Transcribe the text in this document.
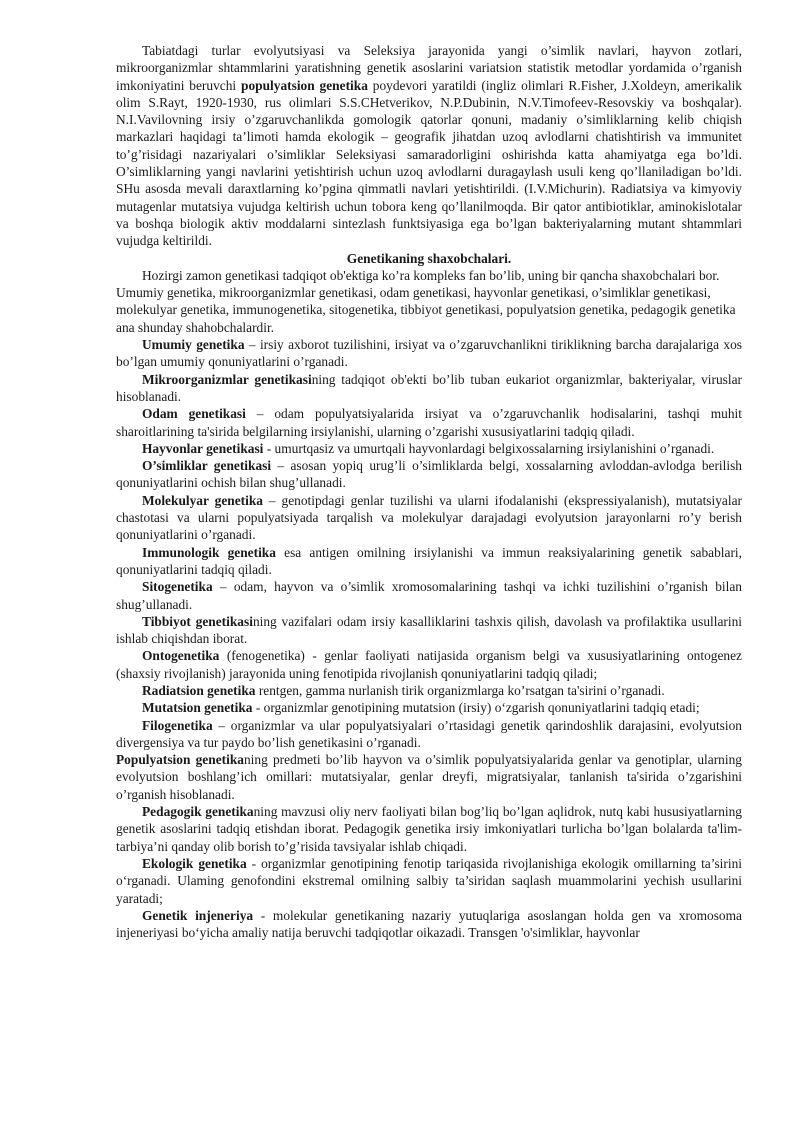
Tabiatdagi turlar evolyutsiyasi va Seleksiya jarayonida yangi o’simlik navlari, hayvon zotlari, mikroorganizmlar shtammlarini yaratishning genetik asoslarini variatsion statistik metodlar yordamida o’rganish imkoniyatini beruvchi populyatsion genetika poydevori yaratildi (ingliz olimlari R.Fisher, J.Xoldeyn, amerikalik olim S.Rayt, 1920-1930, rus olimlari S.S.CHetverikov, N.P.Dubinin, N.V.Timofeev-Resovskiy va boshqalar). N.I.Vavilovning irsiy o’zgaruvchanlikda gomologik qatorlar qonuni, madaniy o’simliklarning kelib chiqish markazlari haqidagi ta’limoti hamda ekologik – geografik jihatdan uzoq avlodlarni chatishtirish va immunitet to’g’risidagi nazariyalari o’simliklar Seleksiyasi samaradorligini oshirishda katta ahamiyatga ega bo’ldi. O’simliklarning yangi navlarini yetishtirish uchun uzoq avlodlarni duragaylash usuli keng qo’llaniladigan bo’ldi. SHu asosda mevali daraxtlarning ko’pgina qimmatli navlari yetishtirildi. (I.V.Michurin). Radiatsiya va kimyoviy mutagenlar mutatsiya vujudga keltirish uchun tobora keng qo’llanilmoqda. Bir qator antibiotiklar, aminokislotalar va boshqa biologik aktiv moddalarni sintezlash funktsiyasiga ega bo’lgan bakteriyalarning mutant shtammlari vujudga keltirildi.

Genetikaning shaxobchalari.

Hozirgi zamon genetikasi tadqiqot ob'ektiga ko’ra kompleks fan bo’lib, uning bir qancha shaxobchalari bor. Umumiy genetika, mikroorganizmlar genetikasi, odam genetikasi, hayvonlar genetikasi, o’simliklar genetikasi, molekulyar genetika, immunogenetika, sitogenetika, tibbiyot genetikasi, populyatsion genetika, pedagogik genetika ana shunday shahobchalardir.

Umumiy genetika – irsiy axborot tuzilishini, irsiyat va o’zgaruvchanlikni tiriklikning barcha darajalariga xos bo’lgan umumiy qonuniyatlarini o’rganadi.

Mikroorganizmlar genetikasining tadqiqot ob'ekti bo’lib tuban eukariot organizmlar, bakteriyalar, viruslar hisoblanadi.

Odam genetikasi – odam populyatsiyalarida irsiyat va o’zgaruvchanlik hodisalarini, tashqi muhit sharoitlarining ta'sirida belgilarning irsiylanishi, ularning o’zgarishi xususiyatlarini tadqiq qiladi.

Hayvonlar genetikasi - umurtqasiz va umurtqali hayvonlardagi belgixossalarning irsiylanishini o’rganadi.

O’simliklar genetikasi – asosan yopiq urug’li o’simliklarda belgi, xossalarning avloddan-avlodga berilish qonuniyatlarini ochish bilan shug’ullanadi.

Molekulyar genetika – genotipdagi genlar tuzilishi va ularni ifodalanishi (ekspressiyalanish), mutatsiyalar chastotasi va ularni populyatsiyada tarqalish va molekulyar darajadagi evolyutsion jarayonlarni ro’y berish qonuniyatlarini o’rganadi.

Immunologik genetika esa antigen omilning irsiylanishi va immun reaksiyalarining genetik sabablari, qonuniyatlarini tadqiq qiladi.

Sitogenetika – odam, hayvon va o’simlik xromosomalarining tashqi va ichki tuzilishini o’rganish bilan shug’ullanadi.

Tibbiyot genetikasining vazifalari odam irsiy kasalliklarini tashxis qilish, davolash va profilaktika usullarini ishlab chiqishdan iborat.

Ontogenetika (fenogenetika) - genlar faoliyati natijasida organism belgi va xususiyatlarining ontogenez (shaxsiy rivojlanish) jarayonida uning fenotipida rivojlanish qonuniyatlarini tadqiq qiladi;

Radiatsion genetika rentgen, gamma nurlanish tirik organizmlarga ko’rsatgan ta'sirini o’rganadi.

Mutatsion genetika - organizmlar genotipining mutatsion (irsiy) o‘zgarish qonuniyatlarini tadqiq etadi;

Filogenetika – organizmlar va ular populyatsiyalari o’rtasidagi genetik qarindoshlik darajasini, evolyutsion divergensiya va tur paydo bo’lish genetikasini o’rganadi.

Populyatsion genetikaning predmeti bo’lib hayvon va o’simlik populyatsiyalarida genlar va genotiplar, ularning evolyutsion boshlang’ich omillari: mutatsiyalar, genlar dreyfi, migratsiyalar, tanlanish ta'sirida o’zgarishini o’rganish hisoblanadi.

Pedagogik genetikaning mavzusi oliy nerv faoliyati bilan bog’liq bo’lgan aqlidrok, nutq kabi hususiyatlarning genetik asoslarini tadqiq etishdan iborat. Pedagogik genetika irsiy imkoniyatlari turlicha bo’lgan bolalarda ta'lim-tarbiya’ni qanday olib borish to’g’risida tavsiyalar ishlab chiqadi.

Ekologik genetika - organizmlar genotipining fenotip tariqasida rivojlanishiga ekologik omillarning ta’sirini o‘rganadi. Ulaming genofondini ekstremal omilning salbiy ta’siridan saqlash muammolarini yechish usullarini yaratadi;

Genetik injeneriya - molekular genetikaning nazariy yutuqlariga asoslangan holda gen va xromosoma injeneriyasi bo‘yicha amaliy natija beruvchi tadqiqotlar oikazadi. Transgen 'o'simliklar, hayvonlar
